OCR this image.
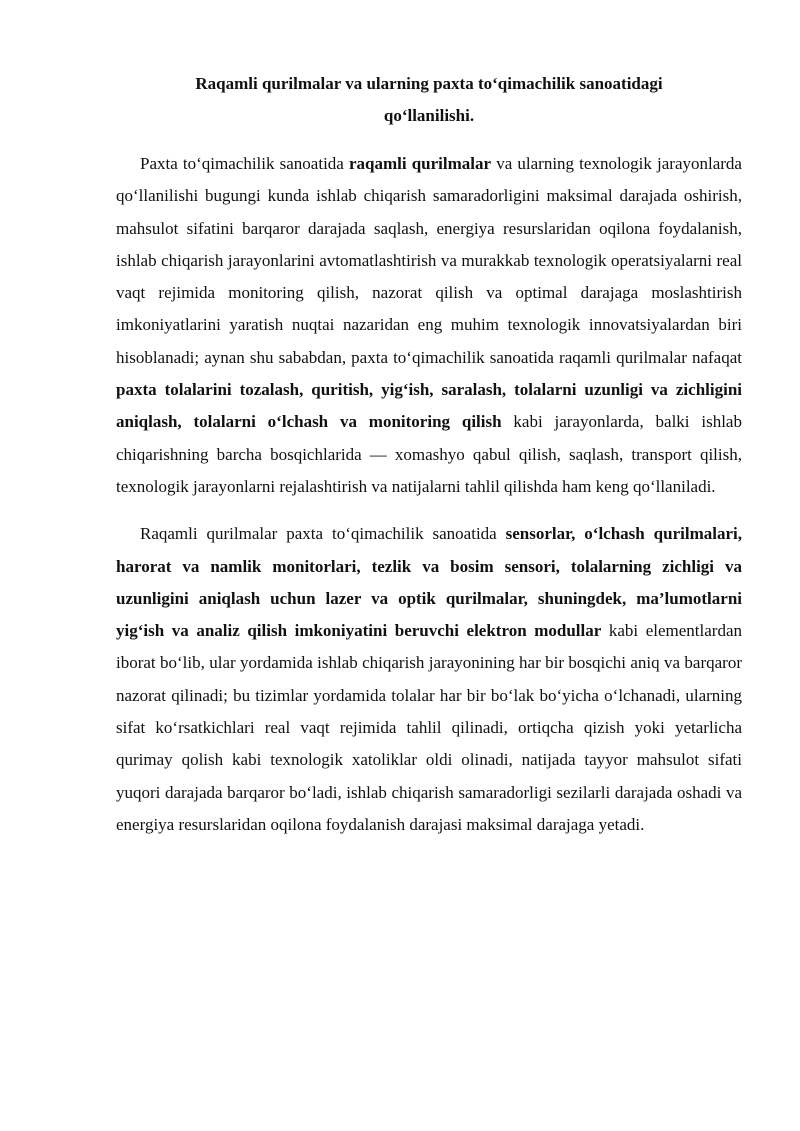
Raqamli qurilmalar va ularning paxta to‘qimachilik sanoatidagi
qo‘llanilishi.

Paxta to‘qimachilik sanoatida raqamli qurilmalar va ularning texnologik jarayonlarda qo‘llanilishi bugungi kunda ishlab chiqarish samaradorligini maksimal darajada oshirish, mahsulot sifatini barqaror darajada saqlash, energiya resurslaridan oqilona foydalanish, ishlab chiqarish jarayonlarini avtomatlashtirish va murakkab texnologik operatsiyalarni real vaqt rejimida monitoring qilish, nazorat qilish va optimal darajaga moslashtirish imkoniyatlarini yaratish nuqtai nazaridan eng muhim texnologik innovatsiyalardan biri hisoblanadi; aynan shu sababdan, paxta to‘qimachilik sanoatida raqamli qurilmalar nafaqat paxta tolalarini tozalash, quritish, yig‘ish, saralash, tolalarni uzunligi va zichligini aniqlash, tolalarni o‘lchash va monitoring qilish kabi jarayonlarda, balki ishlab chiqarishning barcha bosqichlarida — xomashyo qabul qilish, saqlash, transport qilish, texnologik jarayonlarni rejalashtirish va natijalarni tahlil qilishda ham keng qo‘llaniladi.

Raqamli qurilmalar paxta to‘qimachilik sanoatida sensorlar, o‘lchash qurilmalari, harorat va namlik monitorlari, tezlik va bosim sensori, tolalarning zichligi va uzunligini aniqlash uchun lazer va optik qurilmalar, shuningdek, ma’lumotlarni yig‘ish va analiz qilish imkoniyatini beruvchi elektron modullar kabi elementlardan iborat bo‘lib, ular yordamida ishlab chiqarish jarayonining har bir bosqichi aniq va barqaror nazorat qilinadi; bu tizimlar yordamida tolalar har bir bo‘lak bo‘yicha o‘lchanadi, ularning sifat ko‘rsatkichlari real vaqt rejimida tahlil qilinadi, ortiqcha qizish yoki yetarlicha qurimay qolish kabi texnologik xatoliklar oldi olinadi, natijada tayyor mahsulot sifati yuqori darajada barqaror bo‘ladi, ishlab chiqarish samaradorligi sezilarli darajada oshadi va energiya resurslaridan oqilona foydalanish darajasi maksimal darajaga yetadi.
